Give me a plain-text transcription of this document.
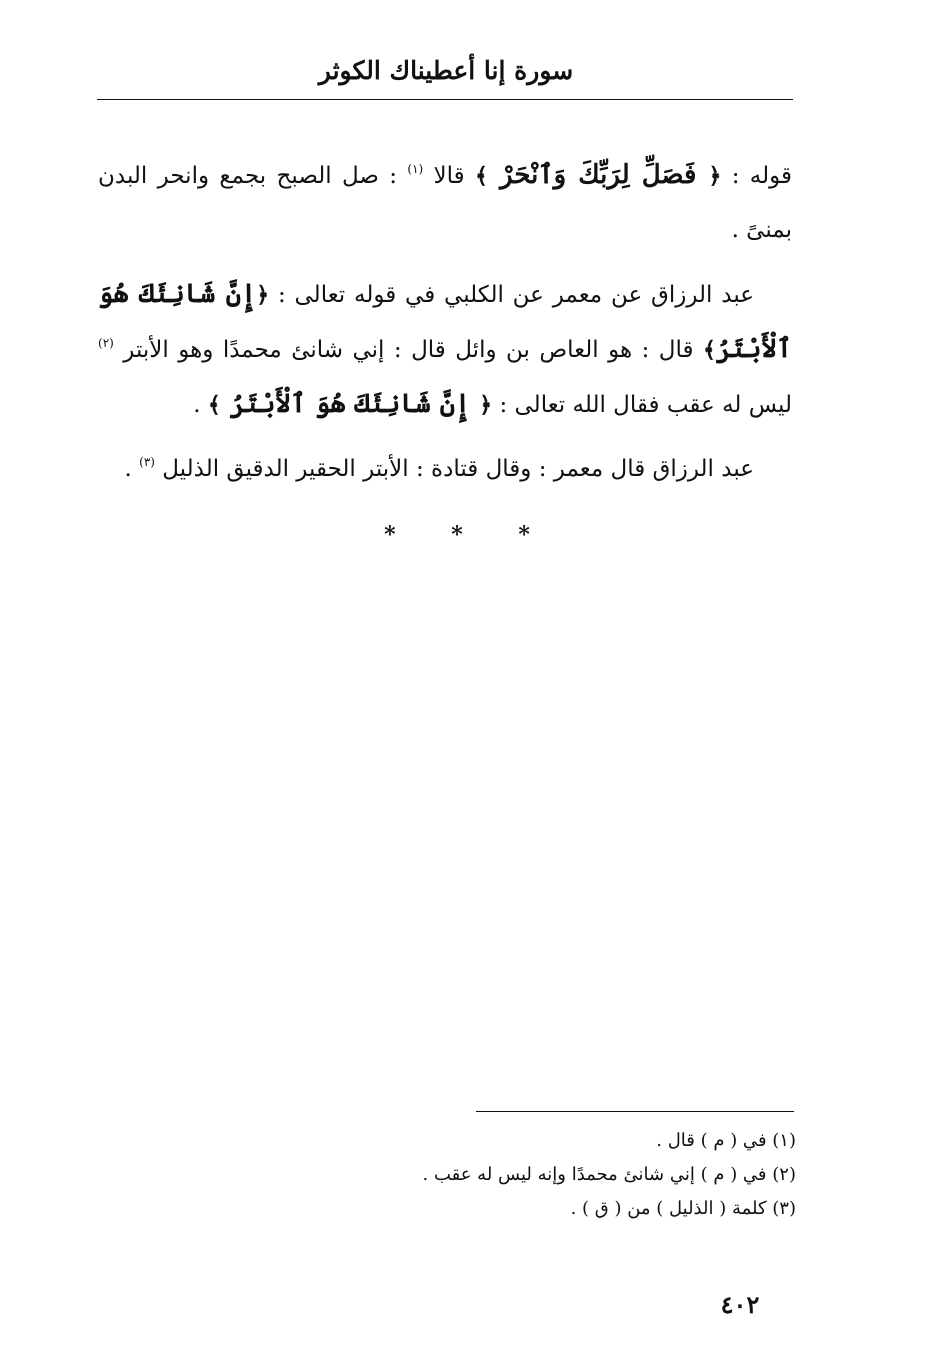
سورة إنا أعطيناك الكوثر

قوله : ﴿ فَصَلِّ لِرَبِّكَ وَٱنْحَرْ ﴾ قالا $^{(١)}$ : صل الصبح بجمع وانحر البدن بمنىً .

عبد الرزاق عن معمر عن الكلبي في قوله تعالى : ﴿إِنَّ شَانِئَكَ هُوَ ٱلْأَبْتَرُ﴾ قال : هو العاص بن وائل قال : إني شانئ محمدًا وهو الأبتر $^{(٢)}$ ليس له عقب فقال الله تعالى : ﴿ إِنَّ شَانِئَكَ هُوَ ٱلْأَبْتَرُ ﴾ .

عبد الرزاق قال معمر : وقال قتادة : الأبتر الحقير الدقيق الذليل $^{(٣)}$ .

* * *
(١) في ( م ) قال .
(٢) في ( م ) إني شانئ محمدًا وإنه ليس له عقب .
(٣) كلمة ( الذليل ) من ( ق ) .
٤٠٢
